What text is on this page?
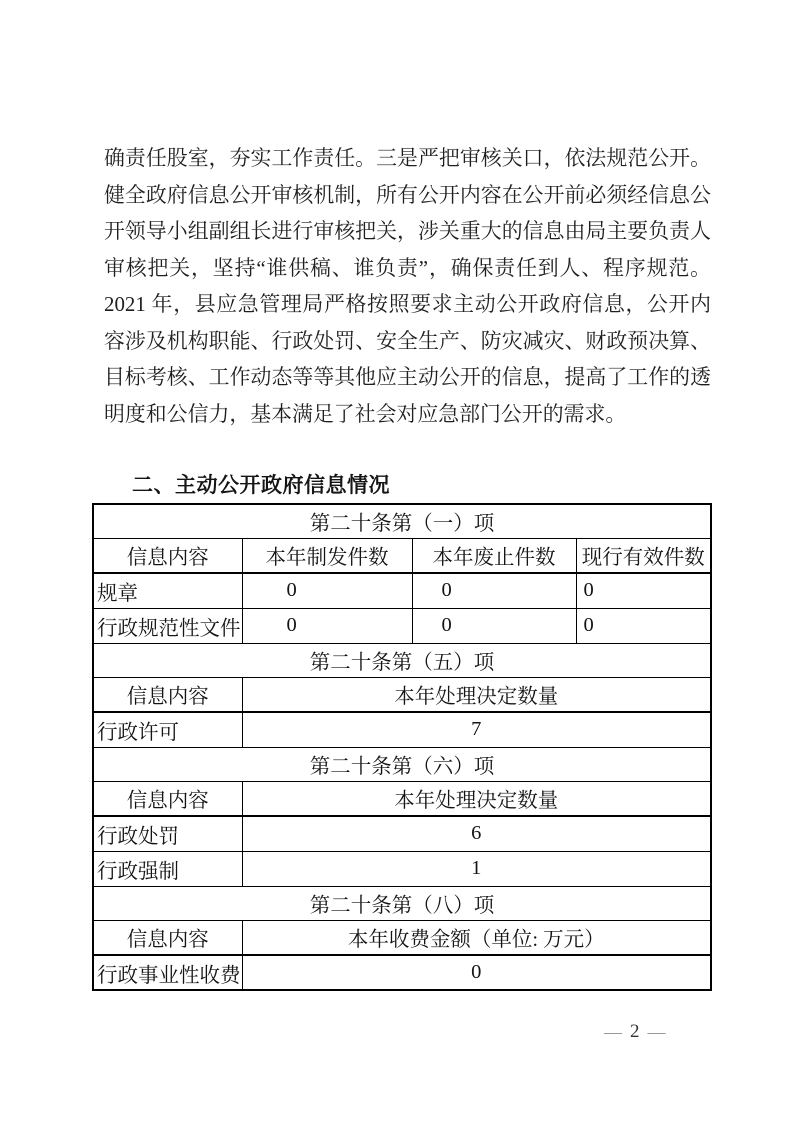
确责任股室，夯实工作责任。三是严把审核关口，依法规范公开。健全政府信息公开审核机制，所有公开内容在公开前必须经信息公开领导小组副组长进行审核把关，涉关重大的信息由局主要负责人审核把关，坚持“谁供稿、谁负责”，确保责任到人、程序规范。2021 年，县应急管理局严格按照要求主动公开政府信息，公开内容涉及机构职能、行政处罚、安全生产、防灾减灾、财政预决算、目标考核、工作动态等等其他应主动公开的信息，提高了工作的透明度和公信力，基本满足了社会对应急部门公开的需求。

二、主动公开政府信息情况
第二十条第（一）项			
信息内容	本年制发件数	本年废止件数	现行有效件数
规章	0	0	0
行政规范性文件	0	0	0
第二十条第（五）项			
信息内容	本年处理决定数量		
行政许可	7		
第二十条第（六）项			
信息内容	本年处理决定数量		
行政处罚	6		
行政强制	1		
第二十条第（八）项			
信息内容	本年收费金额（单位: 万元）		
行政事业性收费	0		
— 2 —
